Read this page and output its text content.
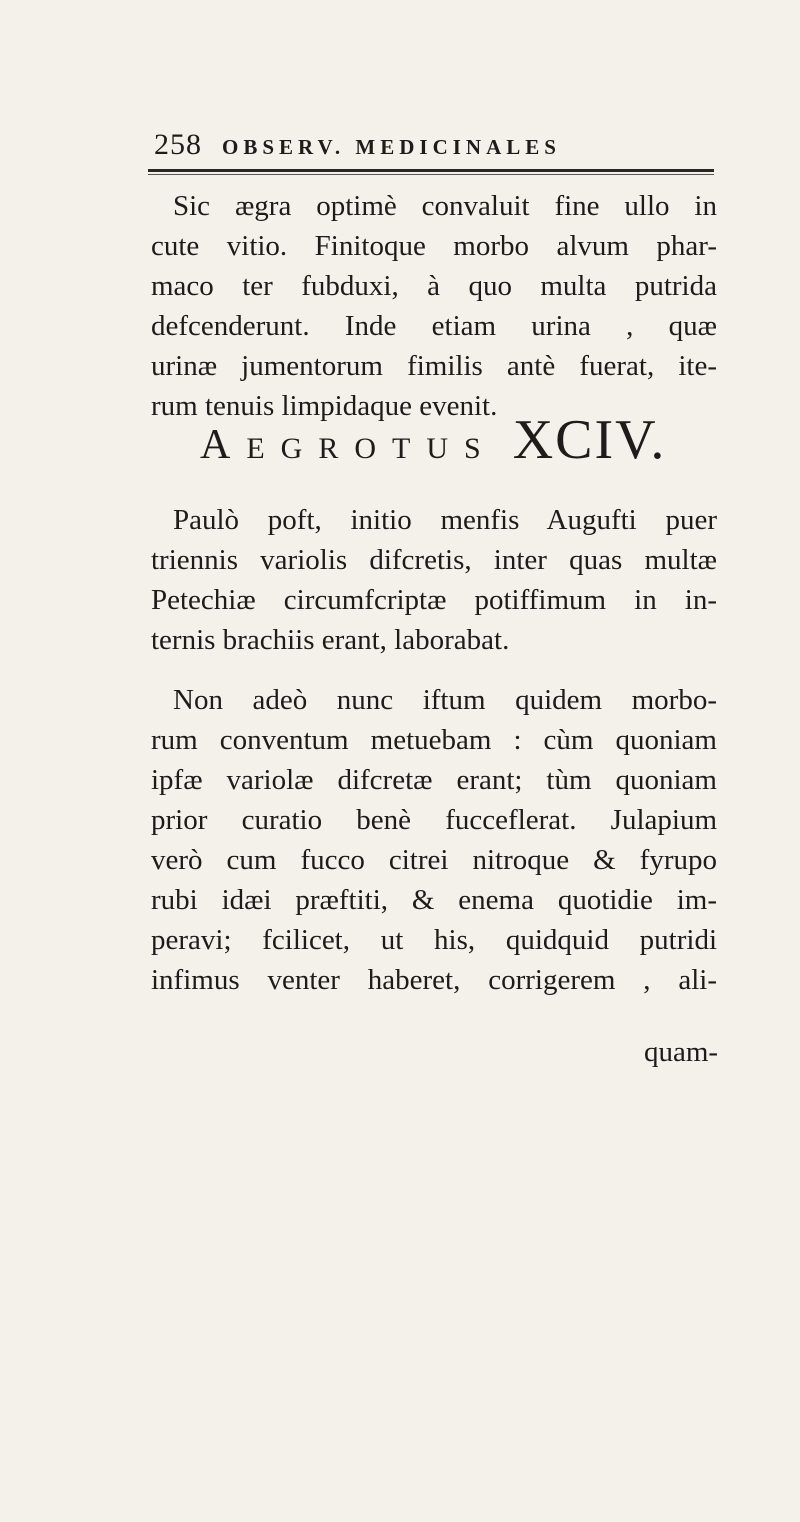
258 OBSERV. MEDICINALES
Sic ægra optimè convaluit fine ullo in
cute vitio. Finitoque morbo alvum phar-
maco ter fubduxi, à quo multa putrida
defcenderunt. Inde etiam urina , quæ
urinæ jumentorum fimilis antè fuerat, ite-
rum tenuis limpidaque evenit.
AEGROTUS XCIV.
Paulò poft, initio menfis Augufti puer
triennis variolis difcretis, inter quas multæ
Petechiæ circumfcriptæ potiffimum in in-
ternis brachiis erant, laborabat.
Non adeò nunc iftum quidem morbo-
rum conventum metuebam : cùm quoniam
ipfæ variolæ difcretæ erant; tùm quoniam
prior curatio benè fucceflerat. Julapium
verò cum fucco citrei nitroque & fyrupo
rubi idæi præftiti, & enema quotidie im-
peravi; fcilicet, ut his, quidquid putridi
infimus venter haberet, corrigerem , ali-
quam-
